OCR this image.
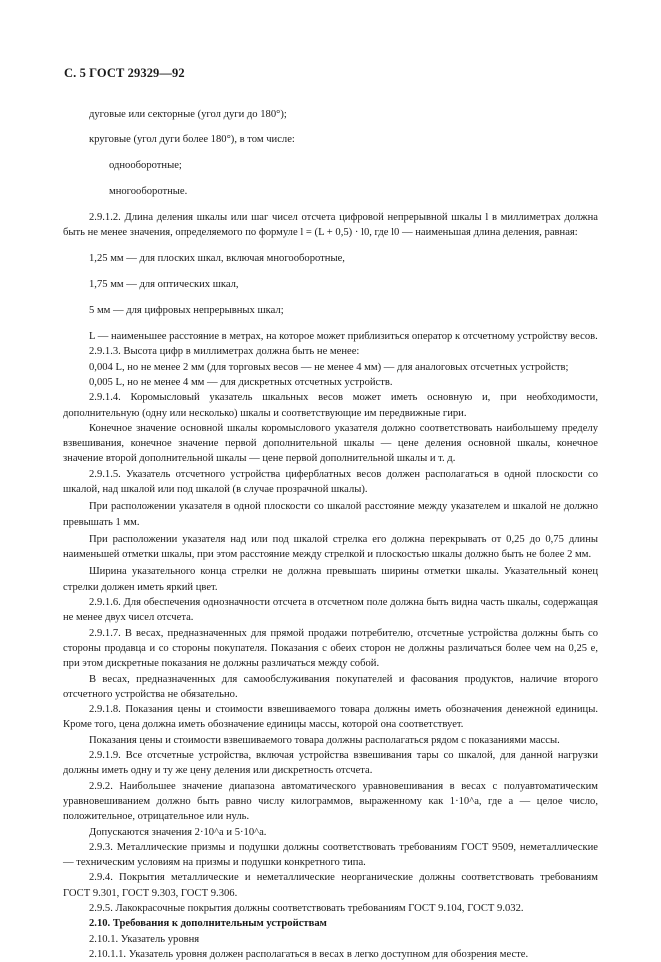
С. 5 ГОСТ 29329—92

дуговые или секторные (угол дуги до 180°);

круговые (угол дуги более 180°), в том числе:

однооборотные;

многооборотные.

2.9.1.2. Длина деления шкалы или шаг чисел отсчета цифровой непрерывной шкалы l в миллиметрах должна быть не менее значения, определяемого по формуле l = (L + 0,5) · l0, где l0 — наименьшая длина деления, равная:

1,25 мм — для плоских шкал, включая многооборотные,

1,75 мм — для оптических шкал,

5 мм — для цифровых непрерывных шкал;

L — наименьшее расстояние в метрах, на которое может приблизиться оператор к отсчетному устройству весов.

2.9.1.3. Высота цифр в миллиметрах должна быть не менее:

0,004 L, но не менее 2 мм (для торговых весов — не менее 4 мм) — для аналоговых отсчетных устройств;

0,005 L, но не менее 4 мм — для дискретных отсчетных устройств.

2.9.1.4. Коромысловый указатель шкальных весов может иметь основную и, при необходимости, дополнительную (одну или несколько) шкалы и соответствующие им передвижные гири.

Конечное значение основной шкалы коромыслового указателя должно соответствовать наибольшему пределу взвешивания, конечное значение первой дополнительной шкалы — цене деления основной шкалы, конечное значение второй дополнительной шкалы — цене первой дополнительной шкалы и т. д.

2.9.1.5. Указатель отсчетного устройства циферблатных весов должен располагаться в одной плоскости со шкалой, над шкалой или под шкалой (в случае прозрачной шкалы).

При расположении указателя в одной плоскости со шкалой расстояние между указателем и шкалой не должно превышать 1 мм.

При расположении указателя над или под шкалой стрелка его должна перекрывать от 0,25 до 0,75 длины наименьшей отметки шкалы, при этом расстояние между стрелкой и плоскостью шкалы должно быть не более 2 мм.

Ширина указательного конца стрелки не должна превышать ширины отметки шкалы. Указательный конец стрелки должен иметь яркий цвет.

2.9.1.6. Для обеспечения однозначности отсчета в отсчетном поле должна быть видна часть шкалы, содержащая не менее двух чисел отсчета.

2.9.1.7. В весах, предназначенных для прямой продажи потребителю, отсчетные устройства должны быть со стороны продавца и со стороны покупателя. Показания с обеих сторон не должны различаться более чем на 0,25 e, при этом дискретные показания не должны различаться между собой.

В весах, предназначенных для самообслуживания покупателей и фасования продуктов, наличие второго отсчетного устройства не обязательно.

2.9.1.8. Показания цены и стоимости взвешиваемого товара должны иметь обозначения денежной единицы. Кроме того, цена должна иметь обозначение единицы массы, которой она соответствует.

Показания цены и стоимости взвешиваемого товара должны располагаться рядом с показаниями массы.

2.9.1.9. Все отсчетные устройства, включая устройства взвешивания тары со шкалой, для данной нагрузки должны иметь одну и ту же цену деления или дискретность отсчета.

2.9.2. Наибольшее значение диапазона автоматического уравновешивания в весах с полуавтоматическим уравновешиванием должно быть равно числу килограммов, выраженному как 1·10^a, где a — целое число, положительное, отрицательное или нуль.

Допускаются значения 2·10^a и 5·10^a.

2.9.3. Металлические призмы и подушки должны соответствовать требованиям ГОСТ 9509, неметаллические — техническим условиям на призмы и подушки конкретного типа.

2.9.4. Покрытия металлические и неметаллические неорганические должны соответствовать требованиям ГОСТ 9.301, ГОСТ 9.303, ГОСТ 9.306.

2.9.5. Лакокрасочные покрытия должны соответствовать требованиям ГОСТ 9.104, ГОСТ 9.032.

2.10. Требования к дополнительным устройствам

2.10.1. Указатель уровня

2.10.1.1. Указатель уровня должен располагаться в весах в легко доступном для обозрения месте.
